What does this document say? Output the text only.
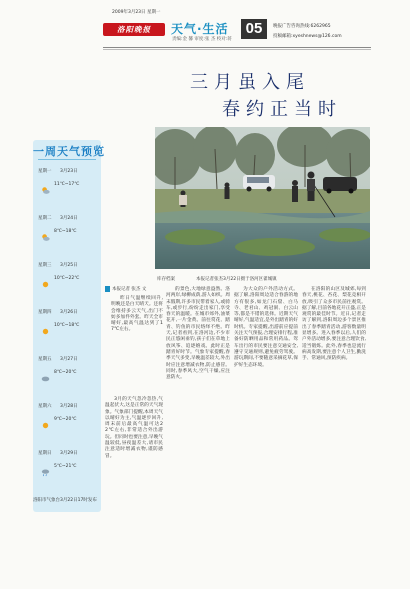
2009年3月23日 星期一
洛阳晚报	天气·生活
责编:金 馨 审度:张 杰 校对:蒋
05	晚报广告咨询热线:6262965
投稿邮箱:xyeshnews@126.com
三月虽入尾
春约正当时
一周天气预览
星期一 3月23日
11℃~17℃
星期二 3月24日
8℃~18℃
星期三 3月25日
10℃~22℃
星期四 3月26日
10℃~18℃
星期五 3月27日
8℃~20℃
星期六 3月28日
9℃~20℃
星期日 3月29日
5℃~21℃
洛阳市气象台3月22日17时发布
库存档案	本报记者张杰3月22日摄于洛河区翟城镇
本报记者 张杰 文

昨日气温继续回升,明晚还是白天晴天。还将会维持多云天气,出门不妨多加件外套。昨天全市晴好,最高气温达到了17℃左右。

3月的天气忽冷忽热,气温起伏大,这是正常的天气现象。气象部门提醒,本周天气以晴好为主,气温逐步回升,周末前后最高气温可达22℃左右,非常适合外出游玩。但同时也要注意,早晚气温较低,昼夜温差大,请市民注意适时增减衣物,谨防感冒。

的景色,大地绿意盎然。洛河两岸,绿柳成荫,游人如织。周末假期,许多市民带着家人,或骑车,或步行,纷纷走出家门,享受春天的温暖。在城市郊外,油菜花开,一片金黄。前往赏花、踏青、钓鱼的市民络绎不绝。昨天,记者看到,在洛河边,不少市民正悠闲垂钓,孩子们在草地上放风筝、追逐嬉戏。此时正是踏青好时节。气象专家提醒,春季天气多变,早晚温差较大,外出时应注意增减衣物,防止感冒。同时,春季风大,空气干燥,应注意防火。

为大众的户外活动方式。据了解,洛阳周边适合春游的地方有很多,如龙门石窟、白马寺、老君山、鸡冠洞、白云山等,都是不错的选择。近期天气晴好,气温适宜,是外出踏青的好时机。专家提醒,出游前应提前关注天气预报,合理安排行程,准备好防晒用品和常用药品。驾车出行的市民要注意交通安全,遵守交通规则,避免疲劳驾驶。游玩期间,不要随意采摘花草,保护好生态环境。

在洛阳的山区及城郊,每到春天,桃花、杏花、梨花竞相开放,吸引了众多市民前往观赏。据了解,目前各地花开正盛,正是观赏的最佳时节。近日,记者走访了解到,洛阳周边多个景区推出了春季踏青活动,游客数量明显增多。进入春季以后,人们的户外活动增多,要注意合理饮食,适当锻炼。此外,春季也是流行病高发期,要注意个人卫生,勤洗手、常通风,预防疾病。
